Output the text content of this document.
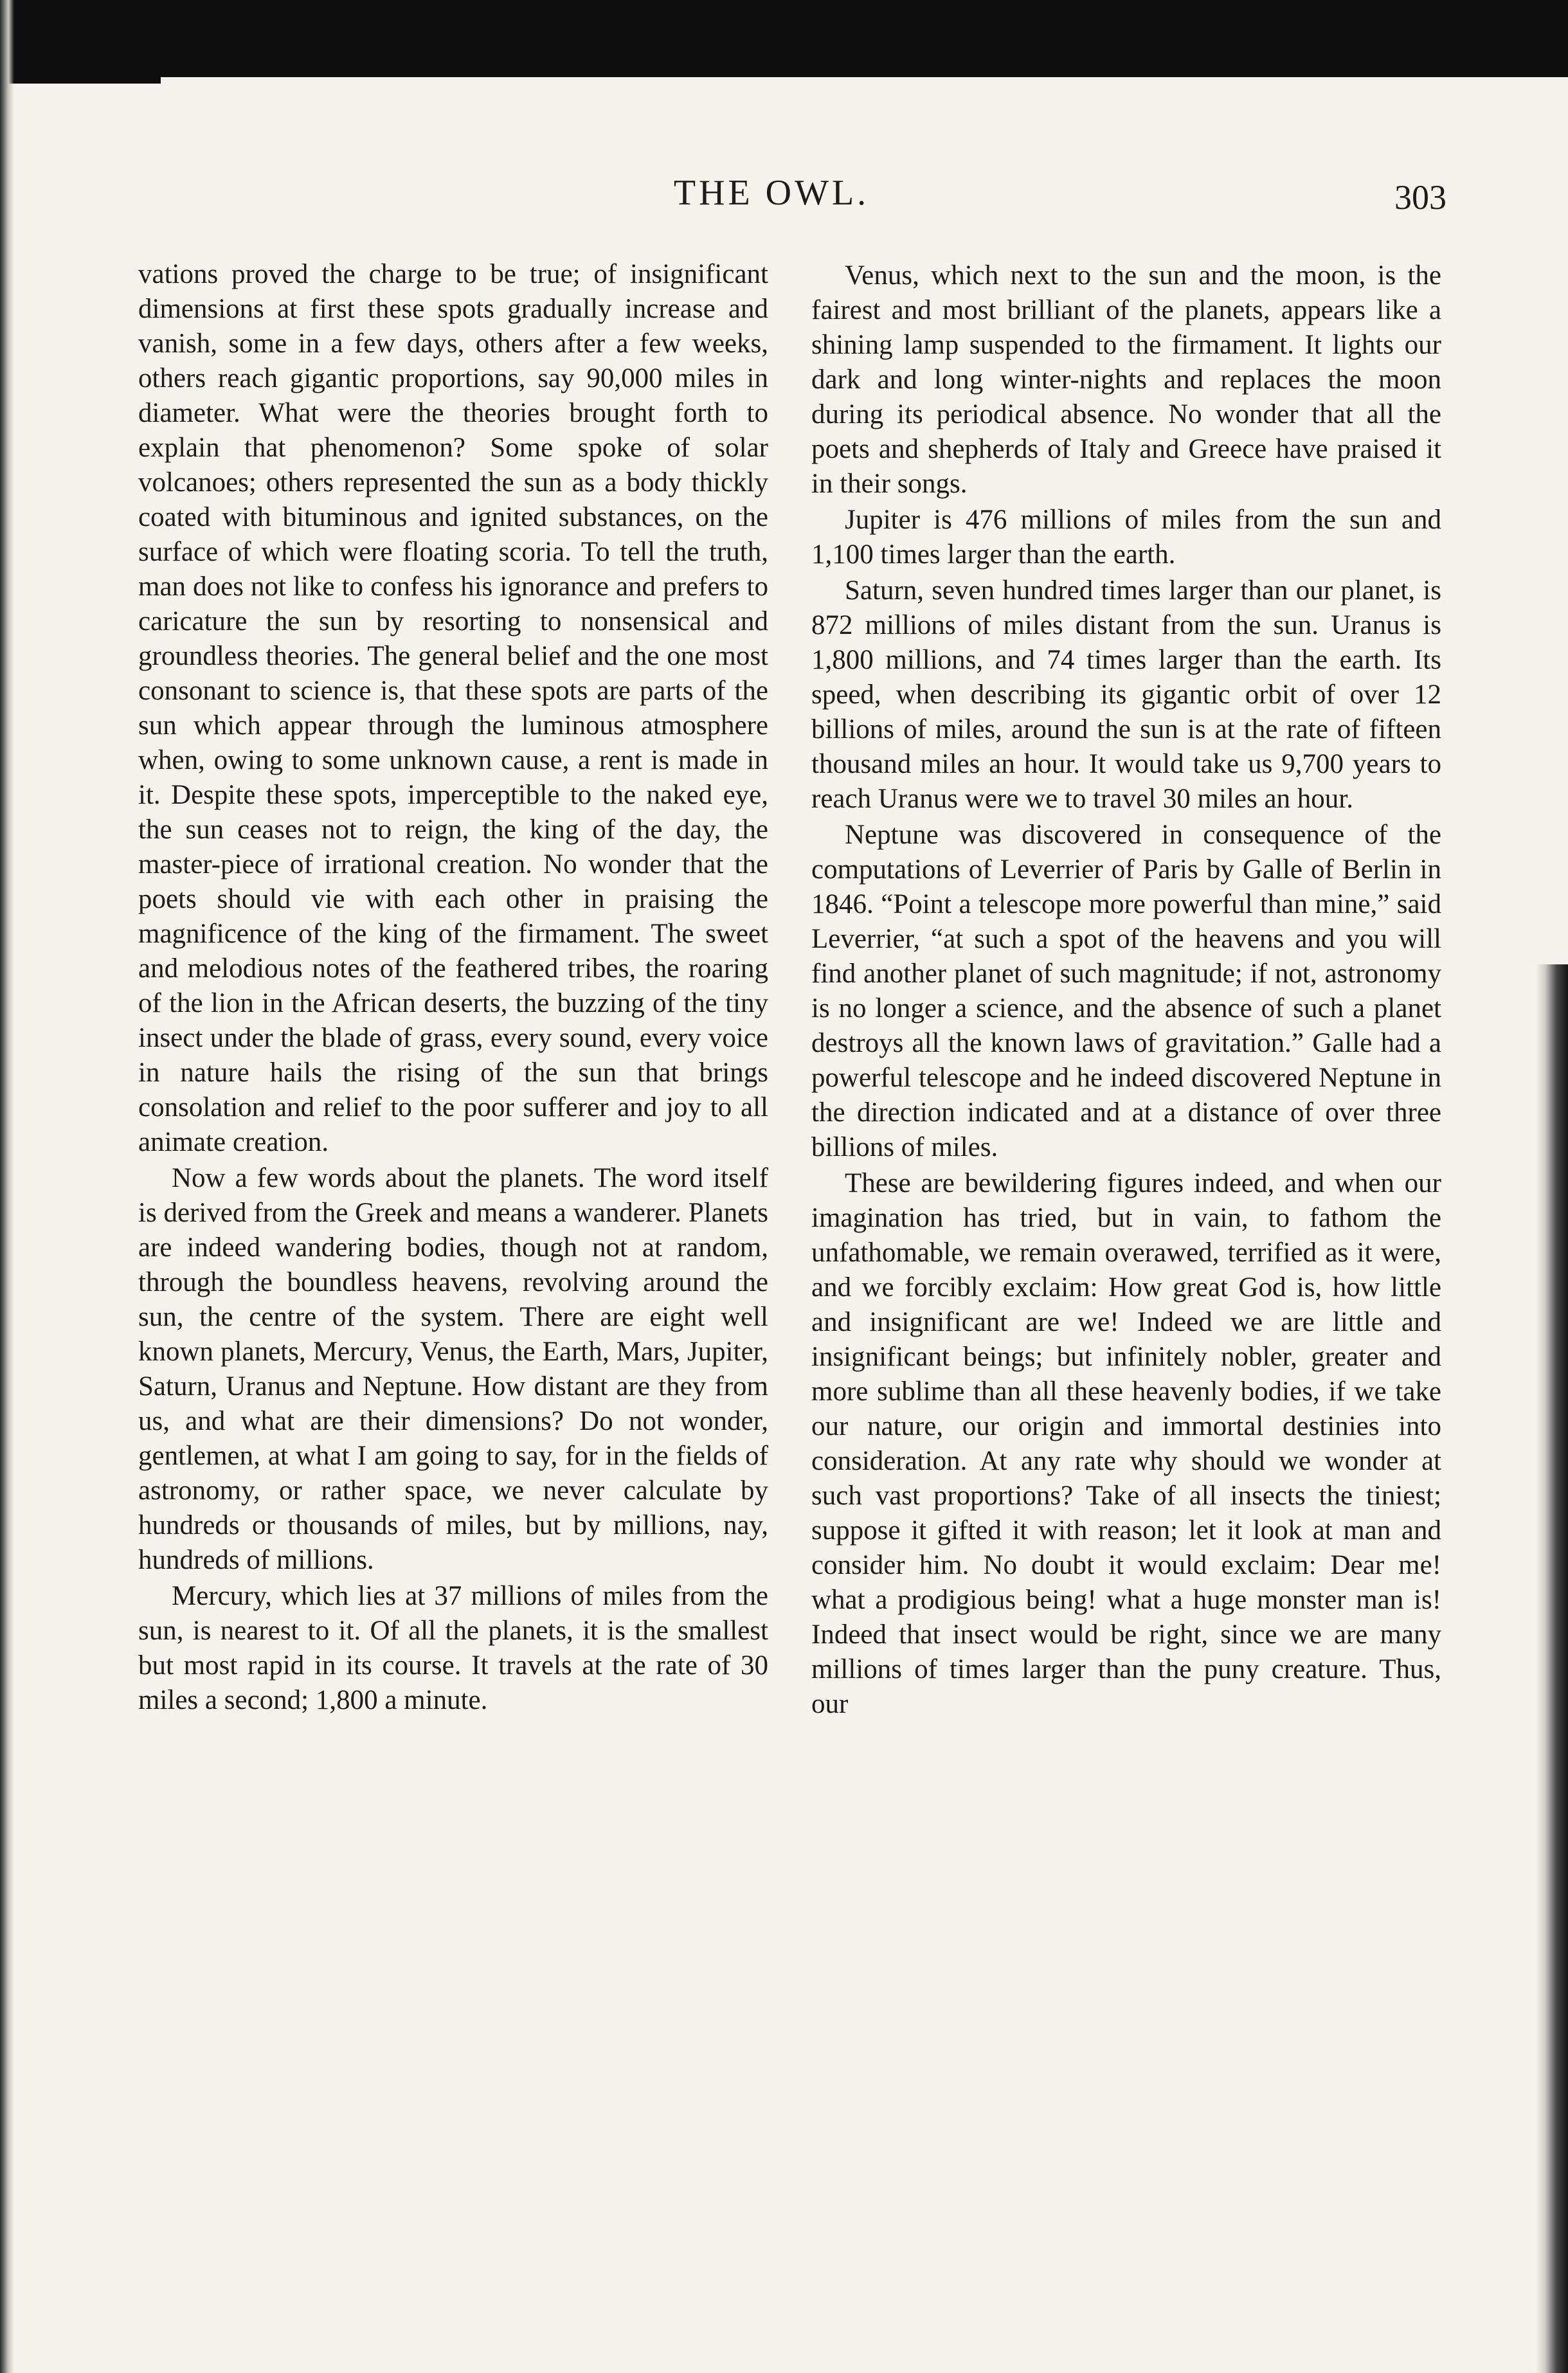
THE OWL.	303

vations proved the charge to be true; of insignificant dimensions at first these spots gradually increase and vanish, some in a few days, others after a few weeks, others reach gigantic proportions, say 90,000 miles in diameter. What were the theories brought forth to explain that phenomenon? Some spoke of solar volcanoes; others represented the sun as a body thickly coated with bituminous and ignited substances, on the surface of which were floating scoria. To tell the truth, man does not like to confess his ignorance and prefers to caricature the sun by resorting to nonsensical and groundless theories. The general belief and the one most consonant to science is, that these spots are parts of the sun which appear through the luminous atmosphere when, owing to some unknown cause, a rent is made in it. Despite these spots, imperceptible to the naked eye, the sun ceases not to reign, the king of the day, the master-piece of irrational creation. No wonder that the poets should vie with each other in praising the magnificence of the king of the firmament. The sweet and melodious notes of the feathered tribes, the roaring of the lion in the African deserts, the buzzing of the tiny insect under the blade of grass, every sound, every voice in nature hails the rising of the sun that brings consolation and relief to the poor sufferer and joy to all animate creation.

Now a few words about the planets. The word itself is derived from the Greek and means a wanderer. Planets are indeed wandering bodies, though not at random, through the boundless heavens, revolving around the sun, the centre of the system. There are eight well known planets, Mercury, Venus, the Earth, Mars, Jupiter, Saturn, Uranus and Neptune. How distant are they from us, and what are their dimensions? Do not wonder, gentlemen, at what I am going to say, for in the fields of astronomy, or rather space, we never calculate by hundreds or thousands of miles, but by millions, nay, hundreds of millions.

Mercury, which lies at 37 millions of miles from the sun, is nearest to it. Of all the planets, it is the smallest but most rapid in its course. It travels at the rate of 30 miles a second; 1,800 a minute.

Venus, which next to the sun and the moon, is the fairest and most brilliant of the planets, appears like a shining lamp suspended to the firmament. It lights our dark and long winter-nights and replaces the moon during its periodical absence. No wonder that all the poets and shepherds of Italy and Greece have praised it in their songs.

Jupiter is 476 millions of miles from the sun and 1,100 times larger than the earth.

Saturn, seven hundred times larger than our planet, is 872 millions of miles distant from the sun. Uranus is 1,800 millions, and 74 times larger than the earth. Its speed, when describing its gigantic orbit of over 12 billions of miles, around the sun is at the rate of fifteen thousand miles an hour. It would take us 9,700 years to reach Uranus were we to travel 30 miles an hour.

Neptune was discovered in consequence of the computations of Leverrier of Paris by Galle of Berlin in 1846. “Point a telescope more powerful than mine,” said Leverrier, “at such a spot of the heavens and you will find another planet of such magnitude; if not, astronomy is no longer a science, and the absence of such a planet destroys all the known laws of gravitation.” Galle had a powerful telescope and he indeed discovered Neptune in the direction indicated and at a distance of over three billions of miles.

These are bewildering figures indeed, and when our imagination has tried, but in vain, to fathom the unfathomable, we remain overawed, terrified as it were, and we forcibly exclaim: How great God is, how little and insignificant are we! Indeed we are little and insignificant beings; but infinitely nobler, greater and more sublime than all these heavenly bodies, if we take our nature, our origin and immortal destinies into consideration. At any rate why should we wonder at such vast proportions? Take of all insects the tiniest; suppose it gifted it with reason; let it look at man and consider him. No doubt it would exclaim: Dear me! what a prodigious being! what a huge monster man is! Indeed that insect would be right, since we are many millions of times larger than the puny creature. Thus, our
